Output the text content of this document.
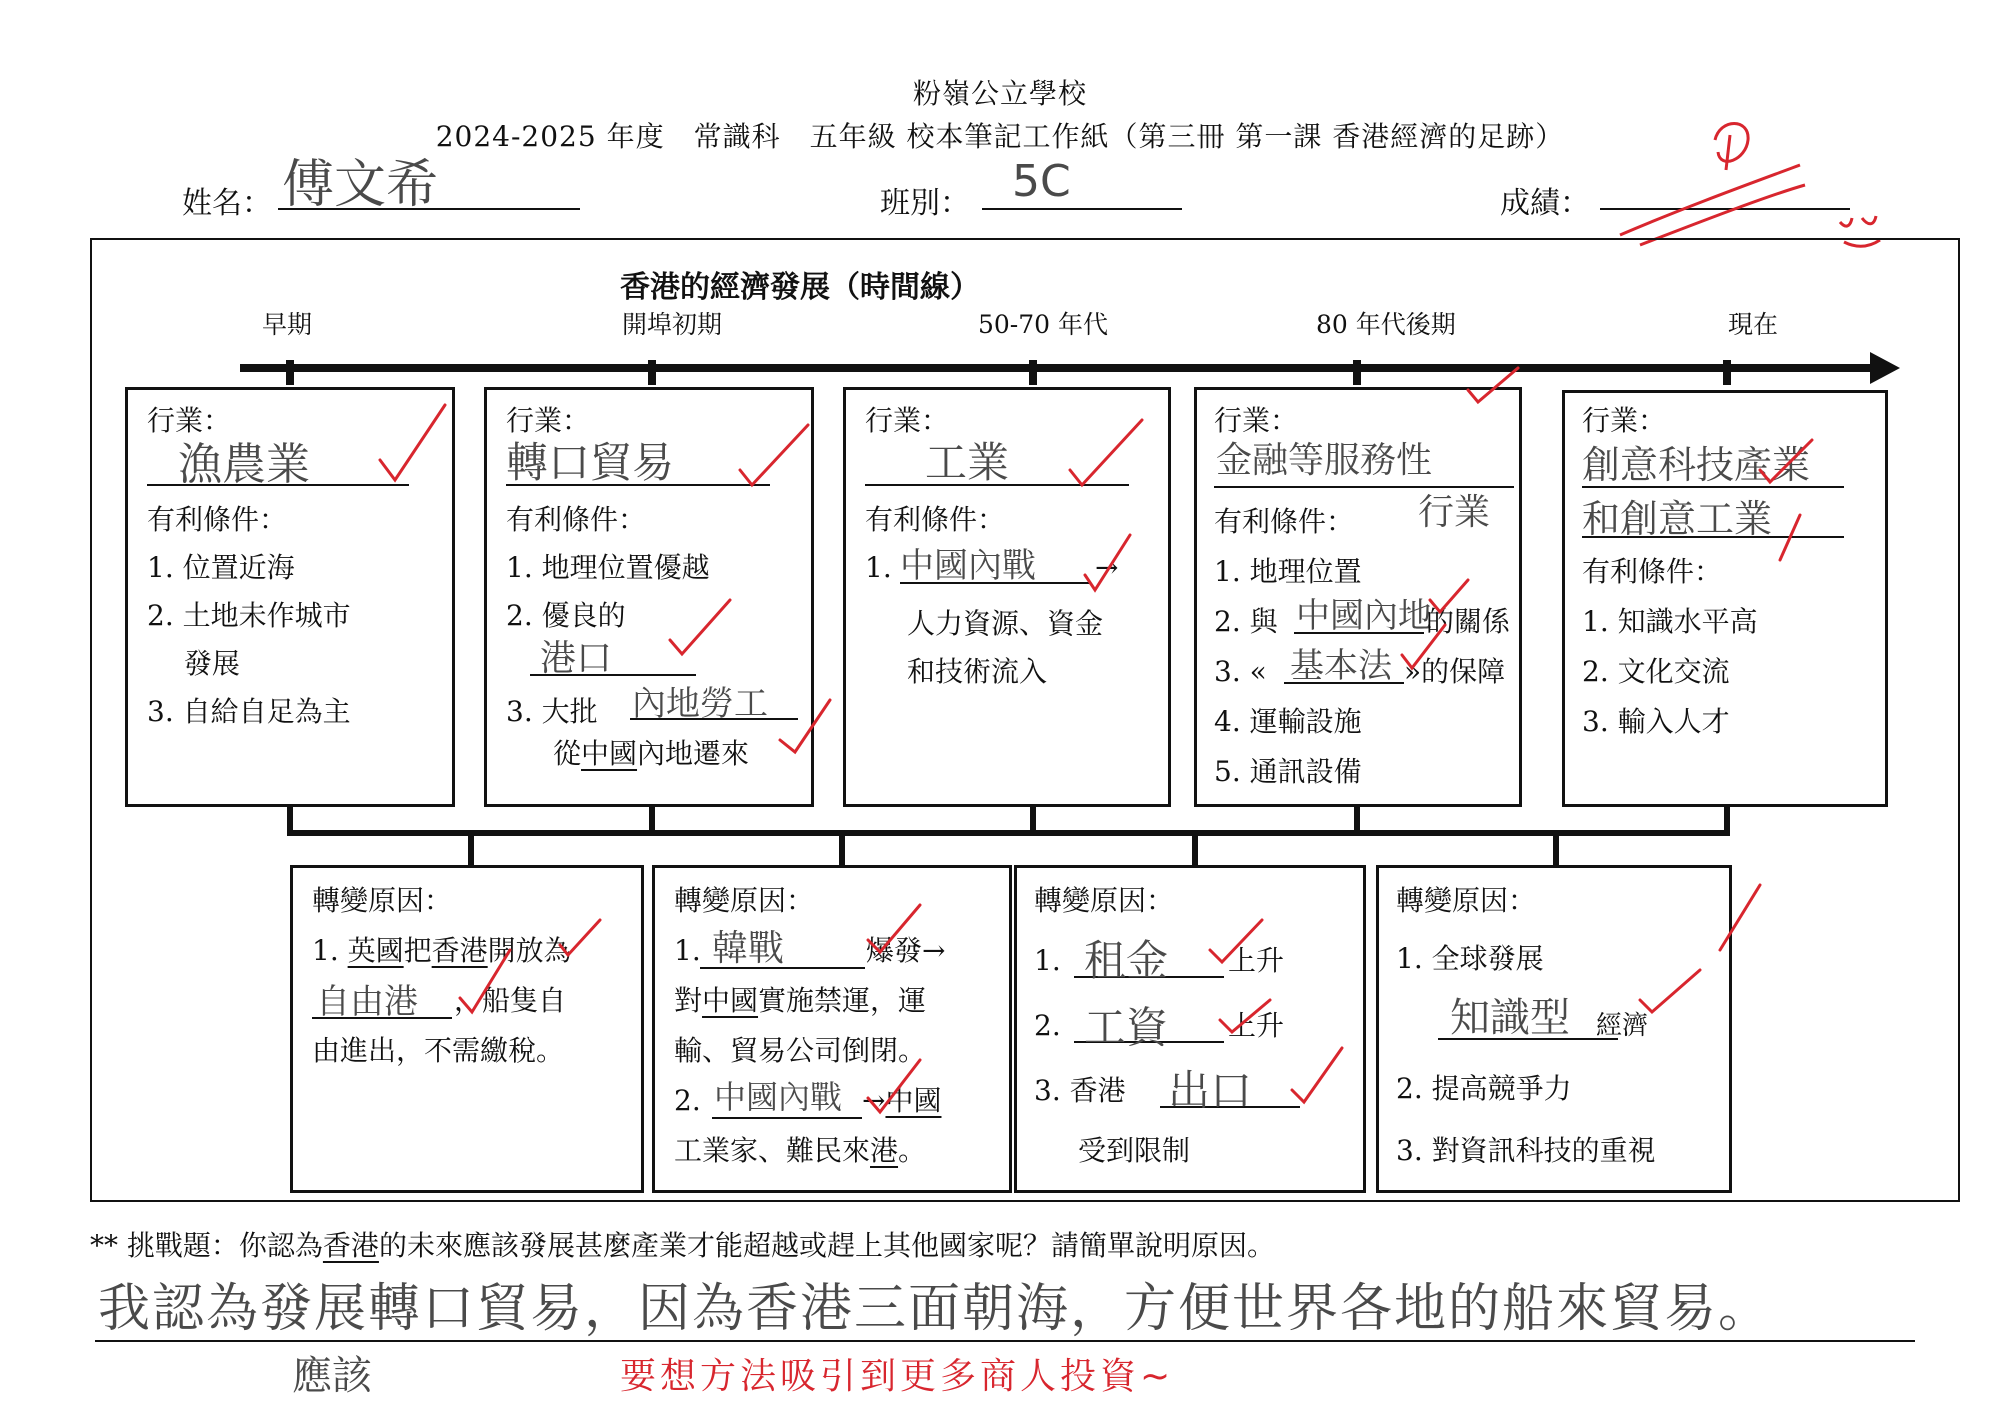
粉嶺公立學校
2024-2025 年度　常識科　五年級 校本筆記工作紙（第三冊 第一課 香港經濟的足跡）
姓名： 傅文希	班別： 5C	成績：
香港的經濟發展（時間線）
早期	開埠初期	50-70 年代	80 年代後期	現在
行業：
漁農業
有利條件：
1. 位置近海
2. 土地未作城市
　 發展
3. 自給自足為主
行業：
轉口貿易
有利條件：
1. 地理位置優越
2. 優良的
港口
3. 大批 內地勞工
從中國內地遷來
行業：
工業
有利條件：
1. 中國內戰 →
人力資源、資金
和技術流入
行業：
金融等服務性
行業
有利條件：
1. 地理位置
2. 與 中國內地
的關係
3. « 基本法 »的保障
4. 運輸設施
5. 通訊設備
行業：
創意科技產業
和創意工業
有利條件：
1. 知識水平高
2. 文化交流
3. 輸入人才
轉變原因：
1. 英國把香港開放為
自由港 ，船隻自
由進出，不需繳稅。
轉變原因：
1. 韓戰	爆發→
對中國實施禁運，運
輸、貿易公司倒閉。
2. 中國內戰 →中國
工業家、難民來港。
轉變原因：
1. 租金 上升
2. 工資 上升
3. 香港 出口
受到限制
轉變原因：
1. 全球發展
知識型 經濟
2. 提高競爭力
3. 對資訊科技的重視
** 挑戰題：你認為香港的未來應該發展甚麼產業才能超越或趕上其他國家呢？請簡單說明原因。
我認為發展轉口貿易，因為香港三面朝海，方便世界各地的船來貿易。
應該	要想方法吸引到更多商人投資~
